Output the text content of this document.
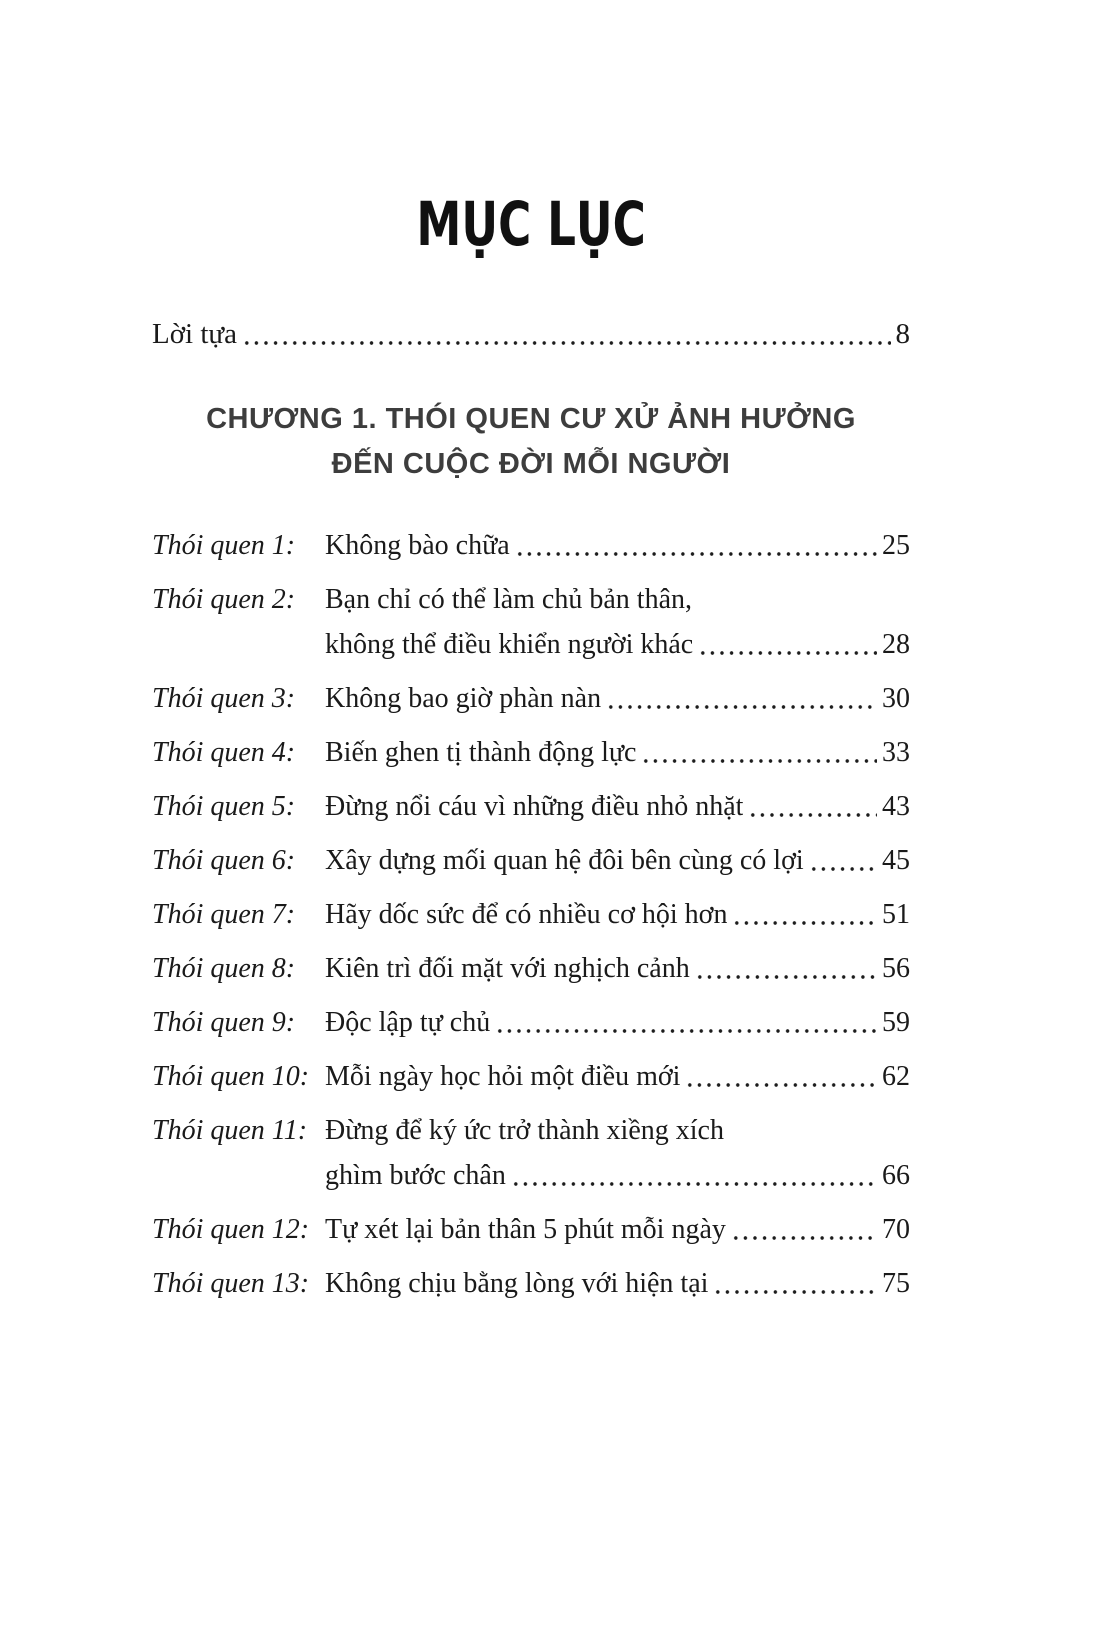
MỤC LỤC
Lời tựa	8
CHƯƠNG 1. THÓI QUEN CƯ XỬ ẢNH HƯỞNG
ĐẾN CUỘC ĐỜI MỖI NGƯỜI
Thói quen 1:	Không bào chữa	25
Thói quen 2:	Bạn chỉ có thể làm chủ bản thân,
không thể điều khiển người khác	28
Thói quen 3:	Không bao giờ phàn nàn	30
Thói quen 4:	Biến ghen tị thành động lực	33
Thói quen 5:	Đừng nổi cáu vì những điều nhỏ nhặt	43
Thói quen 6:	Xây dựng mối quan hệ đôi bên cùng có lợi	45
Thói quen 7:	Hãy dốc sức để có nhiều cơ hội hơn	51
Thói quen 8:	Kiên trì đối mặt với nghịch cảnh	56
Thói quen 9:	Độc lập tự chủ	59
Thói quen 10: Mỗi ngày học hỏi một điều mới	62
Thói quen 11: Đừng để ký ức trở thành xiềng xích
ghìm bước chân	66
Thói quen 12: Tự xét lại bản thân 5 phút mỗi ngày	70
Thói quen 13: Không chịu bằng lòng với hiện tại	75
